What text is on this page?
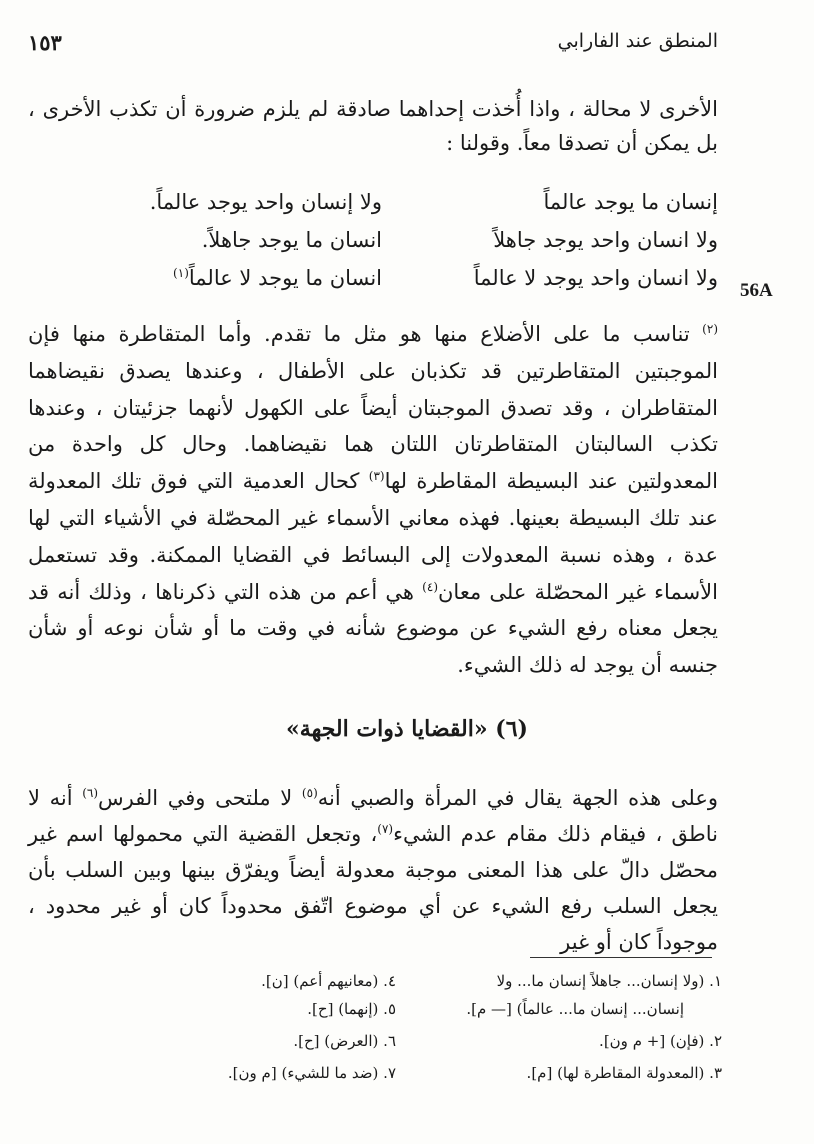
المنطق عند الفارابي
١٥٣
56A
الأخرى لا محالة ، واذا أُخذت إحداهما صادقة لم يلزم ضرورة أن تكذب الأخرى ، بل يمكن أن تصدقا معاً. وقولنا :
إنسان ما يوجد عالماً
ولا إنسان واحد يوجد عالماً.
ولا انسان واحد يوجد جاهلاً
انسان ما يوجد جاهلاً.
ولا انسان واحد يوجد لا عالماً
انسان ما يوجد لا عالماً$^{(١)}$
$^{(٢)}$ تناسب ما على الأضلاع منها هو مثل ما تقدم. وأما المتقاطرة منها فإن الموجبتين المتقاطرتين قد تكذبان على الأطفال ، وعندها يصدق نقيضاهما المتقاطران ، وقد تصدق الموجبتان أيضاً على الكهول لأنهما جزئيتان ، وعندها تكذب السالبتان المتقاطرتان اللتان هما نقيضاهما. وحال كل واحدة من المعدولتين عند البسيطة المقاطرة لها$^{(٣)}$ كحال العدمية التي فوق تلك المعدولة عند تلك البسيطة بعينها. فهذه معاني الأسماء غير المحصّلة في الأشياء التي لها عدة ، وهذه نسبة المعدولات إلى البسائط في القضايا الممكنة. وقد تستعمل الأسماء غير المحصّلة على معان$^{(٤)}$ هي أعم من هذه التي ذكرناها ، وذلك أنه قد يجعل معناه رفع الشيء عن موضوع شأنه في وقت ما أو شأن نوعه أو شأن جنسه أن يوجد له ذلك الشيء.
(٦) «القضايا ذوات الجهة»
وعلى هذه الجهة يقال في المرأة والصبي أنه$^{(٥)}$ لا ملتحى وفي الفرس$^{(٦)}$ أنه لا ناطق ، فيقام ذلك مقام عدم الشيء$^{(٧)}$، وتجعل القضية التي محمولها اسم غير محصّل دالّ على هذا المعنى موجبة معدولة أيضاً ويفرّق بينها وبين السلب بأن يجعل السلب رفع الشيء عن أي موضوع اتّفق محدوداً كان أو غير محدود ، موجوداً كان أو غير
١. (ولا إنسان... جاهلاً إنسان ما... ولا
إنسان... إنسان ما... عالماً) [— م].
٢. (فإن) [+ م ون].
٣. (المعدولة المقاطرة لها) [م].
٤. (معانيهم أعم) [ن].
٥. (إنهما) [ح].
٦. (العرض) [ح].
٧. (ضد ما للشيء) [م ون].
